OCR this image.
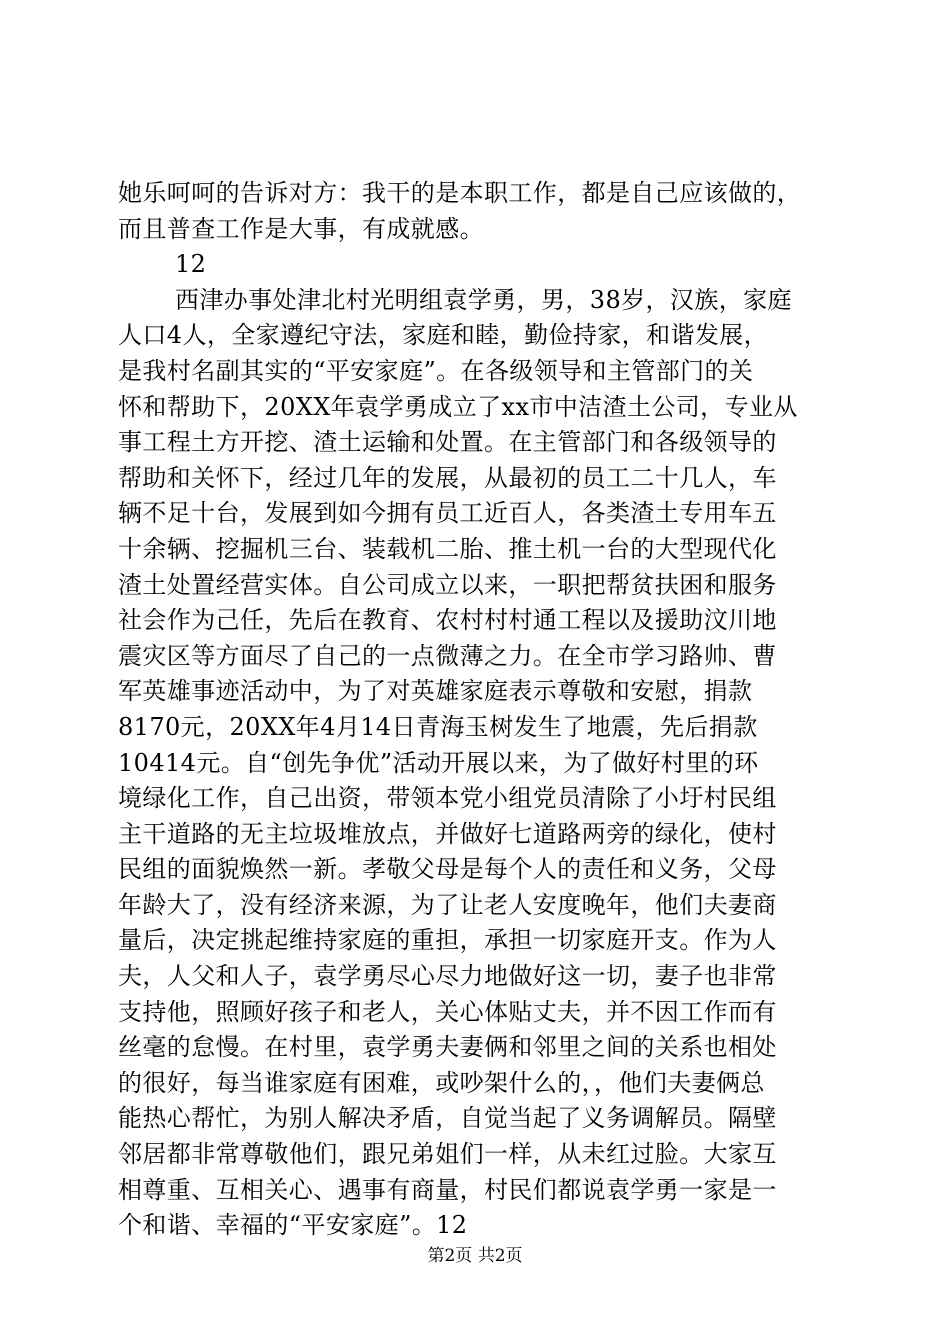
她乐呵呵的告诉对方：我干的是本职工作，都是自己应该做的，
而且普查工作是大事，有成就感。
12
西津办事处津北村光明组袁学勇，男，38岁，汉族，家庭
人口4人，全家遵纪守法，家庭和睦，勤俭持家，和谐发展，
是我村名副其实的“平安家庭”。在各级领导和主管部门的关
怀和帮助下，20XX年袁学勇成立了xx市中洁渣土公司，专业从
事工程土方开挖、渣土运输和处置。在主管部门和各级领导的
帮助和关怀下，经过几年的发展，从最初的员工二十几人，车
辆不足十台，发展到如今拥有员工近百人，各类渣土专用车五
十余辆、挖掘机三台、装载机二胎、推土机一台的大型现代化
渣土处置经营实体。自公司成立以来，一职把帮贫扶困和服务
社会作为己任，先后在教育、农村村村通工程以及援助汶川地
震灾区等方面尽了自己的一点微薄之力。在全市学习路帅、曹
军英雄事迹活动中，为了对英雄家庭表示尊敬和安慰，捐款
8170元，20XX年4月14日青海玉树发生了地震，先后捐款
10414元。自“创先争优”活动开展以来，为了做好村里的环
境绿化工作，自己出资，带领本党小组党员清除了小圩村民组
主干道路的无主垃圾堆放点，并做好七道路两旁的绿化，使村
民组的面貌焕然一新。孝敬父母是每个人的责任和义务，父母
年龄大了，没有经济来源，为了让老人安度晚年，他们夫妻商
量后，决定挑起维持家庭的重担，承担一切家庭开支。作为人
夫，人父和人子，袁学勇尽心尽力地做好这一切，妻子也非常
支持他，照顾好孩子和老人，关心体贴丈夫，并不因工作而有
丝毫的怠慢。在村里，袁学勇夫妻俩和邻里之间的关系也相处
的很好，每当谁家庭有困难，或吵架什么的，，他们夫妻俩总
能热心帮忙，为别人解决矛盾，自觉当起了义务调解员。隔壁
邻居都非常尊敬他们，跟兄弟姐们一样，从未红过脸。大家互
相尊重、互相关心、遇事有商量，村民们都说袁学勇一家是一
个和谐、幸福的“平安家庭”。12
第2页 共2页
